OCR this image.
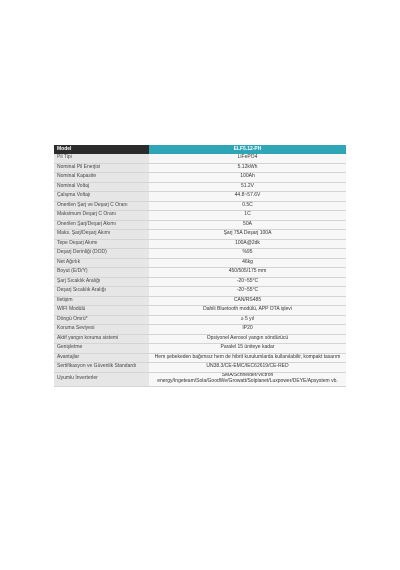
Model	ELF5.12-PH
Pil Tipi	LiFePO4
Nominal Pil Enerjisi	5.12kWh
Nominal Kapasite	100Ah
Nominal Voltaj	51.2V
Çalışma Voltajı	44.8~57.6V
Önerilen Şarj ve Deşarj C Oranı	0.5C
Maksimum Deşarj C Oranı	1C
Önerilen Şarj/Deşarj Akımı	50A
Maks. Şarj/Deşarj Akımı	Şarj 75A Deşarj 100A
Tepe Deşarj Akımı	100A@2dk
Deşarj Derinliği (DOD)	%95
Net Ağırlık	46kg
Boyut (E/D/Y)	450/505/175 mm
Şarj Sıcaklık Aralığı	-20~55°C
Deşarj Sıcaklık Aralığı	-20~55°C
İletişim	CAN/RS485
WIFI Modülü	Dahili Bluetooth modülü, APP OTA işlevi
Döngü Ömrü*	≥ 5 yıl
Koruma Seviyesi	IP20
Aktif yangın koruma sistemi	Opsiyonel Aerosol yangın söndürücü
Genişletme	Paralel 15 üniteye kadar
Avantajlar	Hem şebekeden bağımsız hem de hibrit kurulumlarda kullanılabilir, kompakt tasarım
Sertifikasyon ve Güvenlik Standardı	UN38.3/CE-EMC/IEC62619/CE-RED
Uyumlu İnverterler	SMA/Schneider/Victron energy/Ingeteam/Sola/GoodWe/Growatt/Solplanet/Luxpower/DEYE/Apsystem vb.
